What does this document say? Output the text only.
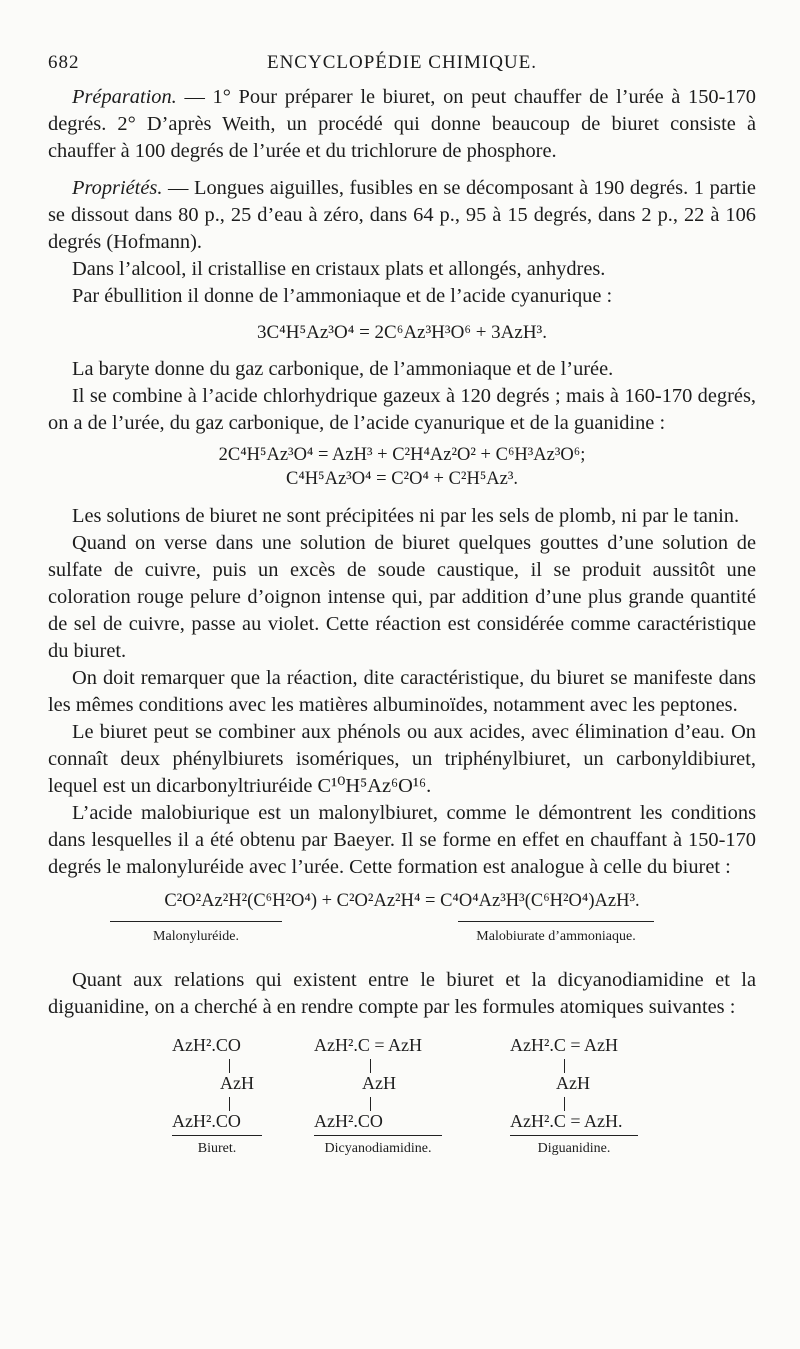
682	ENCYCLOPÉDIE CHIMIQUE.

Préparation. — 1° Pour préparer le biuret, on peut chauffer de l’urée à 150-170 degrés. 2° D’après Weith, un procédé qui donne beaucoup de biuret consiste à chauffer à 100 degrés de l’urée et du trichlorure de phosphore.

Propriétés. — Longues aiguilles, fusibles en se décomposant à 190 degrés. 1 partie se dissout dans 80 p., 25 d’eau à zéro, dans 64 p., 95 à 15 degrés, dans 2 p., 22 à 106 degrés (Hofmann).

Dans l’alcool, il cristallise en cristaux plats et allongés, anhydres.

Par ébullition il donne de l’ammoniaque et de l’acide cyanurique :

3C⁴H⁵Az³O⁴ = 2C⁶Az³H³O⁶ + 3AzH³.

La baryte donne du gaz carbonique, de l’ammoniaque et de l’urée.

Il se combine à l’acide chlorhydrique gazeux à 120 degrés ; mais à 160-170 degrés, on a de l’urée, du gaz carbonique, de l’acide cyanurique et de la guanidine :

2C⁴H⁵Az³O⁴ = AzH³ + C²H⁴Az²O² + C⁶H³Az³O⁶;
C⁴H⁵Az³O⁴ = C²O⁴ + C²H⁵Az³.

Les solutions de biuret ne sont précipitées ni par les sels de plomb, ni par le tanin.

Quand on verse dans une solution de biuret quelques gouttes d’une solution de sulfate de cuivre, puis un excès de soude caustique, il se produit aussitôt une coloration rouge pelure d’oignon intense qui, par addition d’une plus grande quantité de sel de cuivre, passe au violet. Cette réaction est considérée comme caractéristique du biuret.

On doit remarquer que la réaction, dite caractéristique, du biuret se manifeste dans les mêmes conditions avec les matières albuminoïdes, notamment avec les peptones.

Le biuret peut se combiner aux phénols ou aux acides, avec élimination d’eau. On connaît deux phénylbiurets isomériques, un triphénylbiuret, un carbonyldibiuret, lequel est un dicarbonyltriuréide C¹⁰H⁵Az⁶O¹⁶.

L’acide malobiurique est un malonylbiuret, comme le démontrent les conditions dans lesquelles il a été obtenu par Baeyer. Il se forme en effet en chauffant à 150-170 degrés le malonyluréide avec l’urée. Cette formation est analogue à celle du biuret :

C²O²Az²H²(C⁶H²O⁴) + C²O²Az²H⁴ = C⁴O⁴Az³H³(C⁶H²O⁴)AzH³.
Malonyluréide.	Malobiurate d’ammoniaque.

Quant aux relations qui existent entre le biuret et la dicyanodiamidine et la diguanidine, on a cherché à en rendre compte par les formules atomiques suivantes :

AzH².CO
AzH
AzH².CO
Biuret.
AzH².C = AzH
AzH
AzH².CO
Dicyanodiamidine.
AzH².C = AzH
AzH
AzH².C = AzH.
Diguanidine.
